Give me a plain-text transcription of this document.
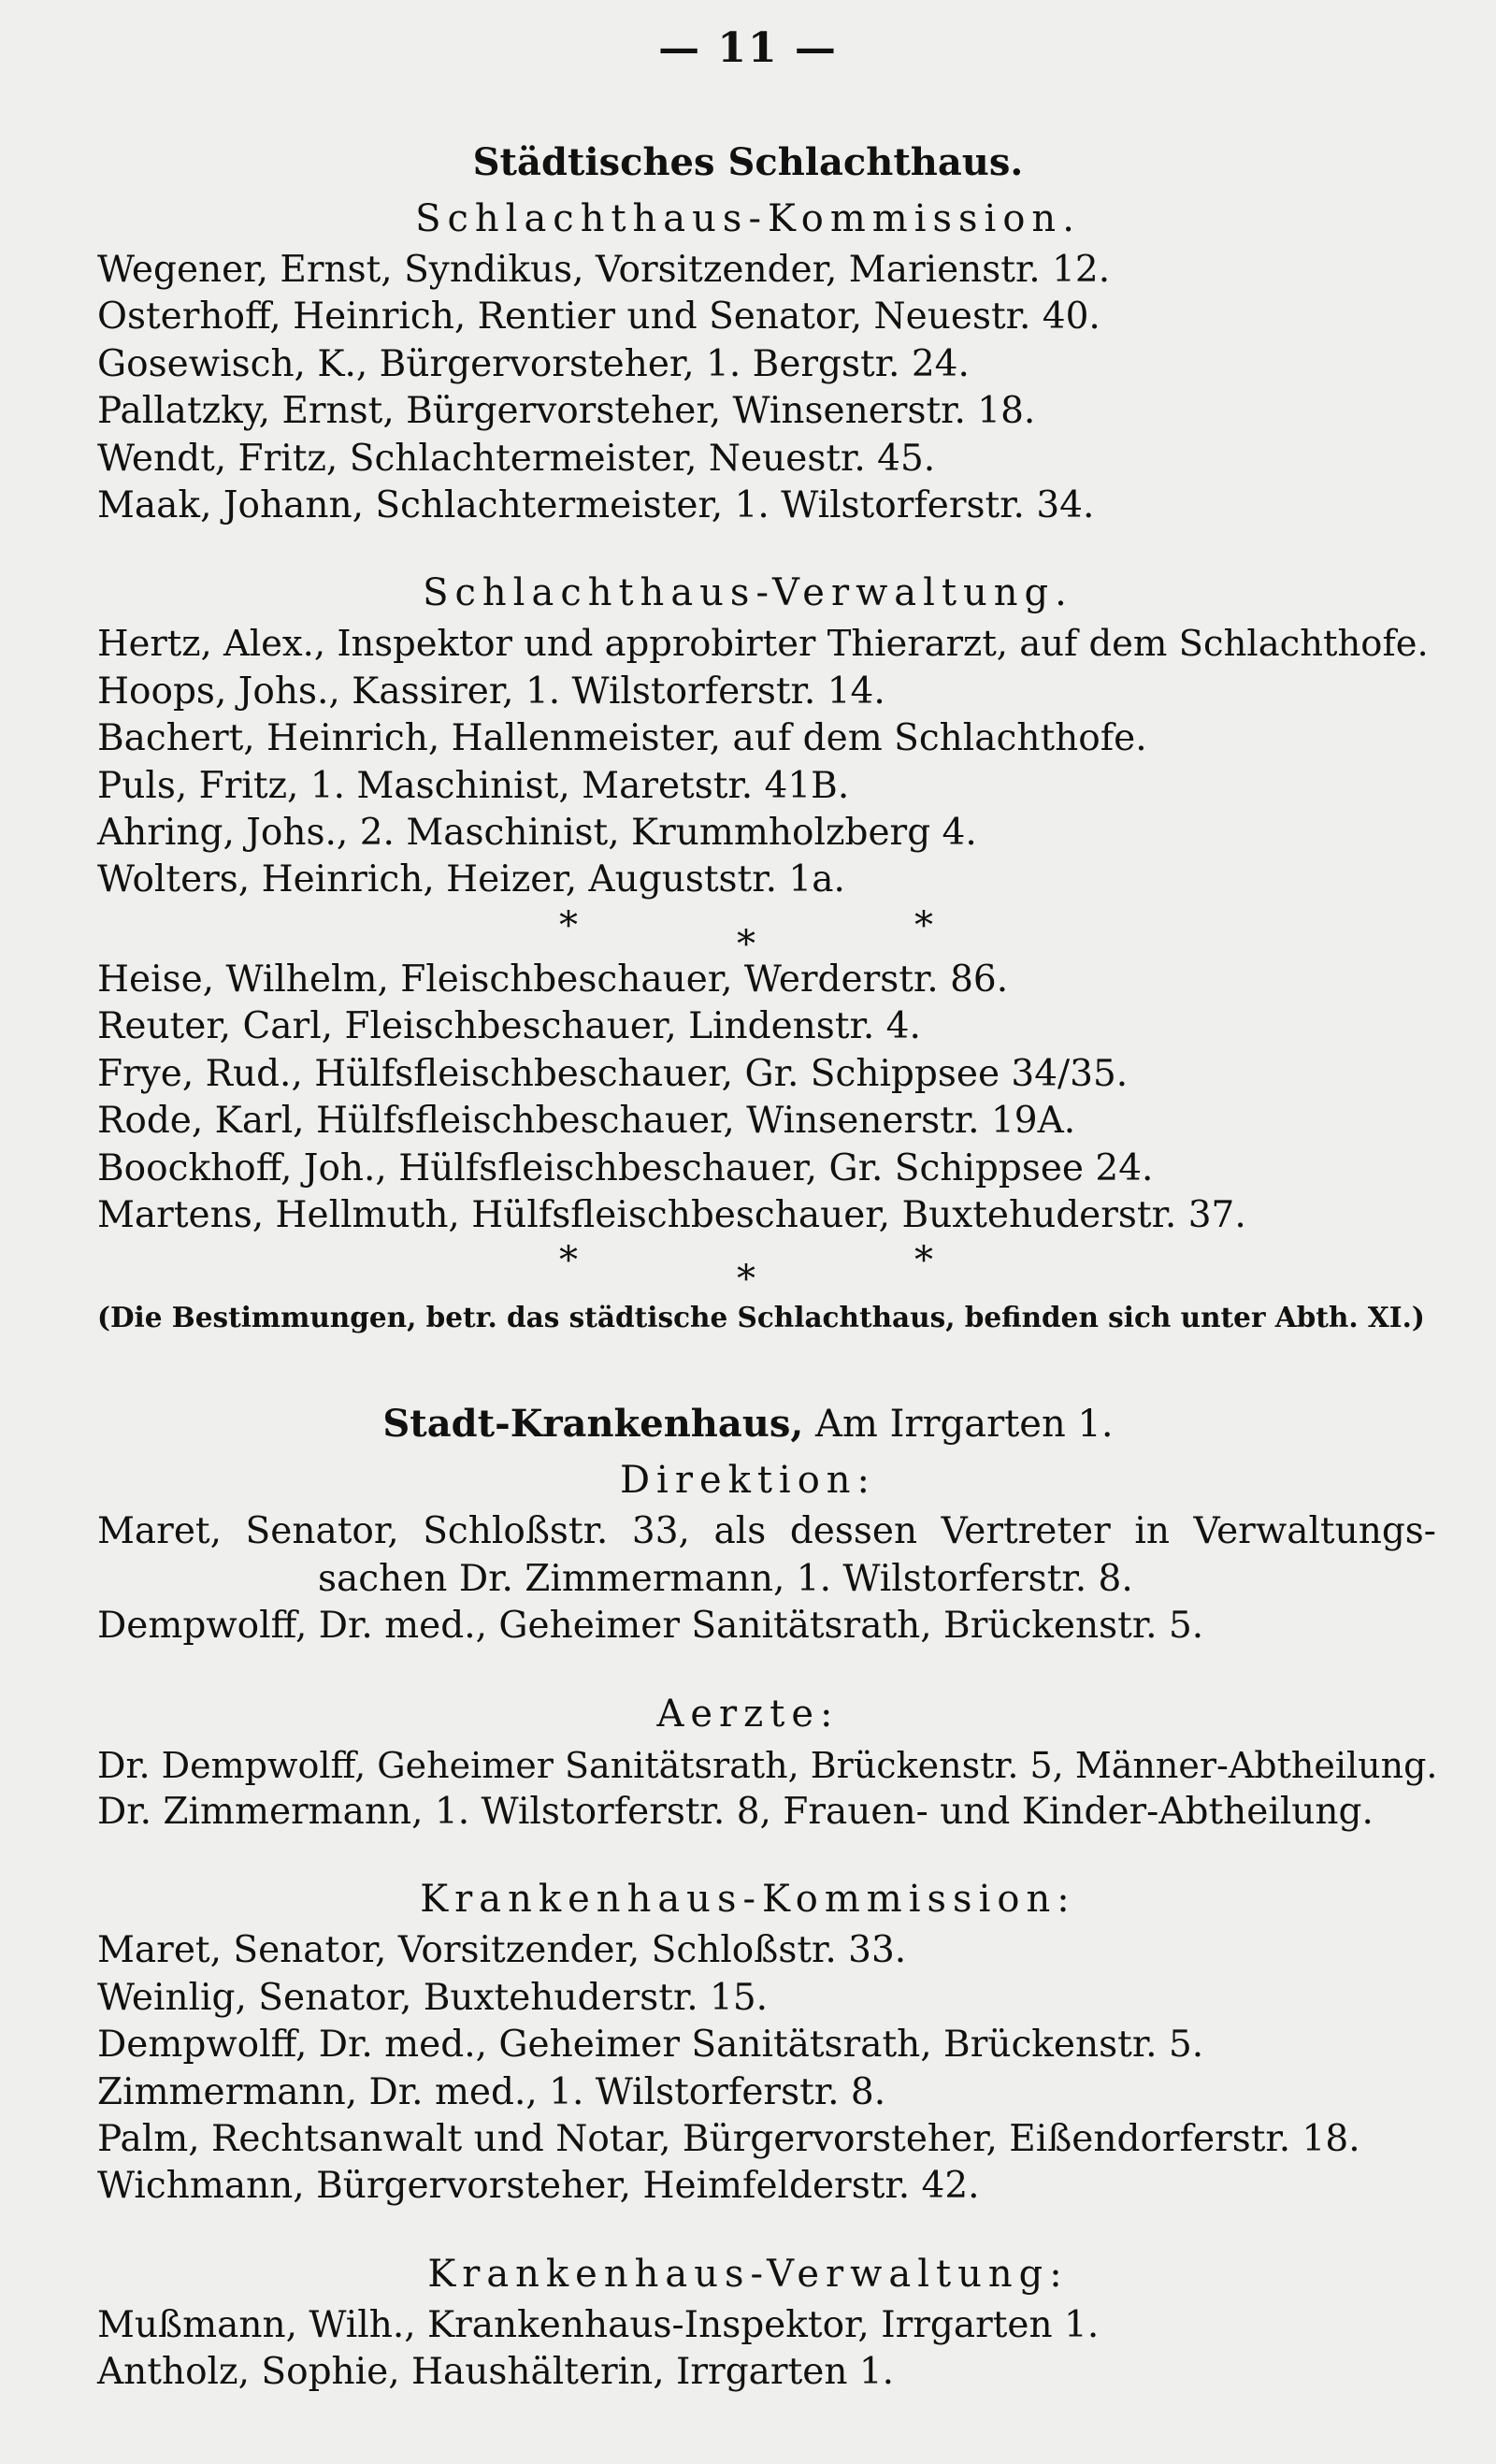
— 11 —
Städtisches Schlachthaus.
Schlachthaus-Kommission.
Wegener, Ernst, Syndikus, Vorsitzender, Marienstr. 12.
Osterhoff, Heinrich, Rentier und Senator, Neuestr. 40.
Gosewisch, K., Bürgervorsteher, 1. Bergstr. 24.
Pallatzky, Ernst, Bürgervorsteher, Winsenerstr. 18.
Wendt, Fritz, Schlachtermeister, Neuestr. 45.
Maak, Johann, Schlachtermeister, 1. Wilstorferstr. 34.
Schlachthaus-Verwaltung.
Hertz, Alex., Inspektor und approbirter Thierarzt, auf dem Schlachthofe.
Hoops, Johs., Kassirer, 1. Wilstorferstr. 14.
Bachert, Heinrich, Hallenmeister, auf dem Schlachthofe.
Puls, Fritz, 1. Maschinist, Maretstr. 41B.
Ahring, Johs., 2. Maschinist, Krummholzberg 4.
Wolters, Heinrich, Heizer, Auguststr. 1a.
*	*	*
Heise, Wilhelm, Fleischbeschauer, Werderstr. 86.
Reuter, Carl, Fleischbeschauer, Lindenstr. 4.
Frye, Rud., Hülfsfleischbeschauer, Gr. Schippsee 34/35.
Rode, Karl, Hülfsfleischbeschauer, Winsenerstr. 19A.
Boockhoff, Joh., Hülfsfleischbeschauer, Gr. Schippsee 24.
Martens, Hellmuth, Hülfsfleischbeschauer, Buxtehuderstr. 37.
*	*	*
(Die Bestimmungen, betr. das städtische Schlachthaus, befinden sich unter Abth. XI.)
Stadt-Krankenhaus, Am Irrgarten 1.
Direktion:
Maret, Senator, Schloßstr. 33, als dessen Vertreter in Verwaltungs-
sachen Dr. Zimmermann, 1. Wilstorferstr. 8.
Dempwolff, Dr. med., Geheimer Sanitätsrath, Brückenstr. 5.
Aerzte:
Dr. Dempwolff, Geheimer Sanitätsrath, Brückenstr. 5, Männer-Abtheilung.
Dr. Zimmermann, 1. Wilstorferstr. 8, Frauen- und Kinder-Abtheilung.
Krankenhaus-Kommission:
Maret, Senator, Vorsitzender, Schloßstr. 33.
Weinlig, Senator, Buxtehuderstr. 15.
Dempwolff, Dr. med., Geheimer Sanitätsrath, Brückenstr. 5.
Zimmermann, Dr. med., 1. Wilstorferstr. 8.
Palm, Rechtsanwalt und Notar, Bürgervorsteher, Eißendorferstr. 18.
Wichmann, Bürgervorsteher, Heimfelderstr. 42.
Krankenhaus-Verwaltung:
Mußmann, Wilh., Krankenhaus-Inspektor, Irrgarten 1.
Antholz, Sophie, Haushälterin, Irrgarten 1.
